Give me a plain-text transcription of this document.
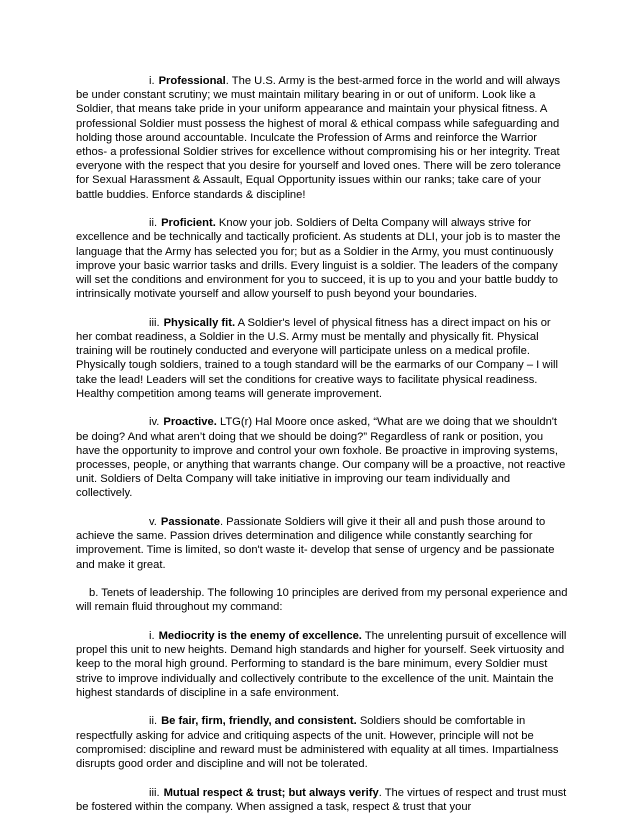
i. Professional. The U.S. Army is the best-armed force in the world and will always be under constant scrutiny; we must maintain military bearing in or out of uniform. Look like a Soldier, that means take pride in your uniform appearance and maintain your physical fitness. A professional Soldier must possess the highest of moral & ethical compass while safeguarding and holding those around accountable. Inculcate the Profession of Arms and reinforce the Warrior ethos- a professional Soldier strives for excellence without compromising his or her integrity. Treat everyone with the respect that you desire for yourself and loved ones. There will be zero tolerance for Sexual Harassment & Assault, Equal Opportunity issues within our ranks; take care of your battle buddies. Enforce standards & discipline!

ii. Proficient. Know your job. Soldiers of Delta Company will always strive for excellence and be technically and tactically proficient. As students at DLI, your job is to master the language that the Army has selected you for; but as a Soldier in the Army, you must continuously improve your basic warrior tasks and drills. Every linguist is a soldier. The leaders of the company will set the conditions and environment for you to succeed, it is up to you and your battle buddy to intrinsically motivate yourself and allow yourself to push beyond your boundaries.

iii. Physically fit. A Soldier's level of physical fitness has a direct impact on his or her combat readiness, a Soldier in the U.S. Army must be mentally and physically fit. Physical training will be routinely conducted and everyone will participate unless on a medical profile. Physically tough soldiers, trained to a tough standard will be the earmarks of our Company – I will take the lead! Leaders will set the conditions for creative ways to facilitate physical readiness. Healthy competition among teams will generate improvement.

iv. Proactive. LTG(r) Hal Moore once asked, “What are we doing that we shouldn't be doing? And what aren’t doing that we should be doing?” Regardless of rank or position, you have the opportunity to improve and control your own foxhole. Be proactive in improving systems, processes, people, or anything that warrants change. Our company will be a proactive, not reactive unit. Soldiers of Delta Company will take initiative in improving our team individually and collectively.

v. Passionate. Passionate Soldiers will give it their all and push those around to achieve the same. Passion drives determination and diligence while constantly searching for improvement. Time is limited, so don't waste it- develop that sense of urgency and be passionate and make it great.

b. Tenets of leadership. The following 10 principles are derived from my personal experience and will remain fluid throughout my command:

i. Mediocrity is the enemy of excellence. The unrelenting pursuit of excellence will propel this unit to new heights. Demand high standards and higher for yourself. Seek virtuosity and keep to the moral high ground. Performing to standard is the bare minimum, every Soldier must strive to improve individually and collectively contribute to the excellence of the unit. Maintain the highest standards of discipline in a safe environment.

ii. Be fair, firm, friendly, and consistent. Soldiers should be comfortable in respectfully asking for advice and critiquing aspects of the unit. However, principle will not be compromised: discipline and reward must be administered with equality at all times. Impartialness disrupts good order and discipline and will not be tolerated.

iii. Mutual respect & trust; but always verify. The virtues of respect and trust must be fostered within the company. When assigned a task, respect & trust that your
